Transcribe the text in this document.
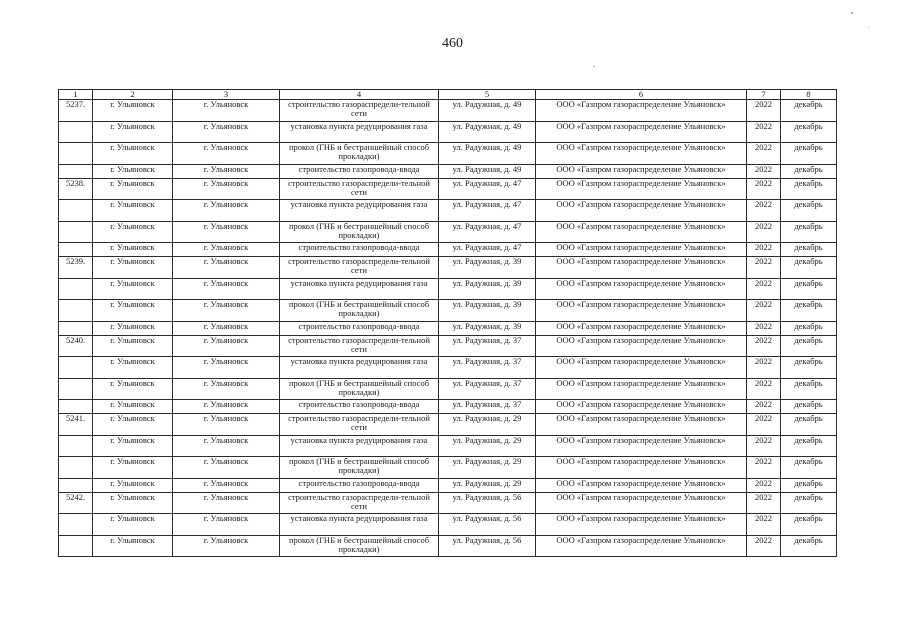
460
1	2	3	4	5	6	7	8
5237.	г. Ульяновск	г. Ульяновск	строительство газораспредели-тельной сети	ул. Радужная, д. 49	ООО «Газпром газораспределение Ульяновск»	2022	декабрь
	г. Ульяновск	г. Ульяновск	установка пункта редуцирования газа	ул. Радужная, д. 49	ООО «Газпром газораспределение Ульяновск»	2022	декабрь
	г. Ульяновск	г. Ульяновск	прокол (ГНБ и бестраншейный способ прокладки)	ул. Радужная, д. 49	ООО «Газпром газораспределение Ульяновск»	2022	декабрь
	г. Ульяновск	г. Ульяновск	строительство газопровода-ввода	ул. Радужная, д. 49	ООО «Газпром газораспределение Ульяновск»	2022	декабрь
5238.	г. Ульяновск	г. Ульяновск	строительство газораспредели-тельной сети	ул. Радужная, д. 47	ООО «Газпром газораспределение Ульяновск»	2022	декабрь
	г. Ульяновск	г. Ульяновск	установка пункта редуцирования газа	ул. Радужная, д. 47	ООО «Газпром газораспределение Ульяновск»	2022	декабрь
	г. Ульяновск	г. Ульяновск	прокол (ГНБ и бестраншейный способ прокладки)	ул. Радужная, д. 47	ООО «Газпром газораспределение Ульяновск»	2022	декабрь
	г. Ульяновск	г. Ульяновск	строительство газопровода-ввода	ул. Радужная, д. 47	ООО «Газпром газораспределение Ульяновск»	2022	декабрь
5239.	г. Ульяновск	г. Ульяновск	строительство газораспредели-тельной сети	ул. Радужная, д. 39	ООО «Газпром газораспределение Ульяновск»	2022	декабрь
	г. Ульяновск	г. Ульяновск	установка пункта редуцирования газа	ул. Радужная, д. 39	ООО «Газпром газораспределение Ульяновск»	2022	декабрь
	г. Ульяновск	г. Ульяновск	прокол (ГНБ и бестраншейный способ прокладки)	ул. Радужная, д. 39	ООО «Газпром газораспределение Ульяновск»	2022	декабрь
	г. Ульяновск	г. Ульяновск	строительство газопровода-ввода	ул. Радужная, д. 39	ООО «Газпром газораспределение Ульяновск»	2022	декабрь
5240.	г. Ульяновск	г. Ульяновск	строительство газораспредели-тельной сети	ул. Радужная, д. 37	ООО «Газпром газораспределение Ульяновск»	2022	декабрь
	г. Ульяновск	г. Ульяновск	установка пункта редуцирования газа	ул. Радужная, д. 37	ООО «Газпром газораспределение Ульяновск»	2022	декабрь
	г. Ульяновск	г. Ульяновск	прокол (ГНБ и бестраншейный способ прокладки)	ул. Радужная, д. 37	ООО «Газпром газораспределение Ульяновск»	2022	декабрь
	г. Ульяновск	г. Ульяновск	строительство газопровода-ввода	ул. Радужная, д. 37	ООО «Газпром газораспределение Ульяновск»	2022	декабрь
5241.	г. Ульяновск	г. Ульяновск	строительство газораспредели-тельной сети	ул. Радужная, д. 29	ООО «Газпром газораспределение Ульяновск»	2022	декабрь
	г. Ульяновск	г. Ульяновск	установка пункта редуцирования газа	ул. Радужная, д. 29	ООО «Газпром газораспределение Ульяновск»	2022	декабрь
	г. Ульяновск	г. Ульяновск	прокол (ГНБ и бестраншейный способ прокладки)	ул. Радужная, д. 29	ООО «Газпром газораспределение Ульяновск»	2022	декабрь
	г. Ульяновск	г. Ульяновск	строительство газопровода-ввода	ул. Радужная, д. 29	ООО «Газпром газораспределение Ульяновск»	2022	декабрь
5242.	г. Ульяновск	г. Ульяновск	строительство газораспредели-тельной сети	ул. Радужная, д. 56	ООО «Газпром газораспределение Ульяновск»	2022	декабрь
	г. Ульяновск	г. Ульяновск	установка пункта редуцирования газа	ул. Радужная, д. 56	ООО «Газпром газораспределение Ульяновск»	2022	декабрь
	г. Ульяновск	г. Ульяновск	прокол (ГНБ и бестраншейный способ прокладки)	ул. Радужная, д. 56	ООО «Газпром газораспределение Ульяновск»	2022	декабрь
